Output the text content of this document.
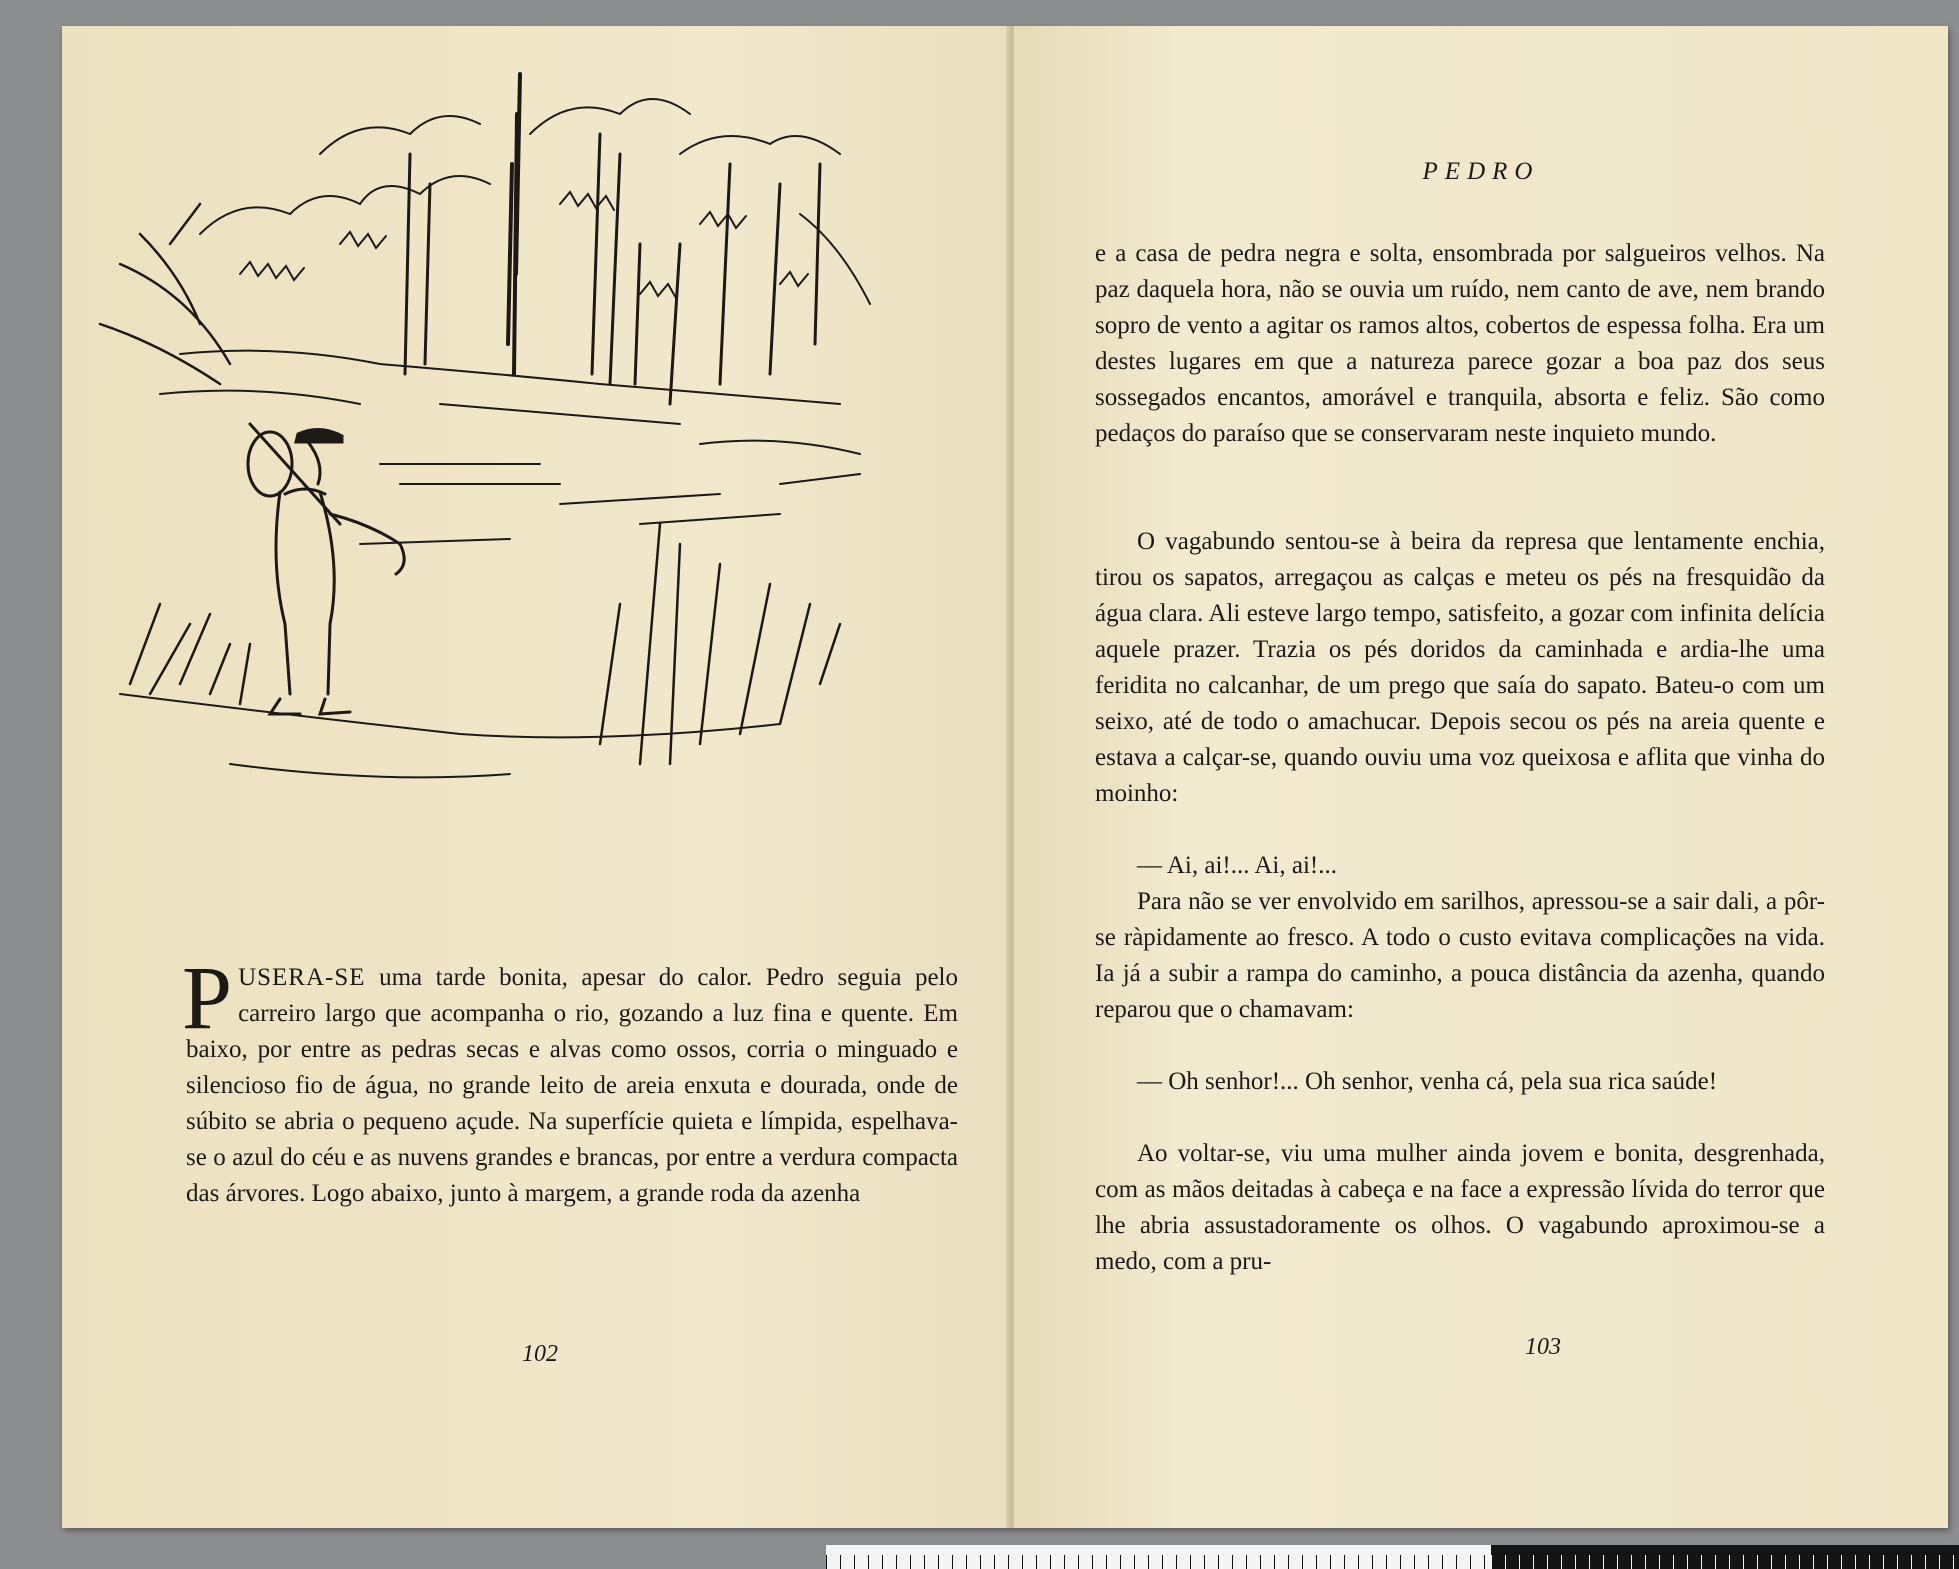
PUSERA-SE uma tarde bonita, apesar do calor. Pedro seguia pelo carreiro largo que acompanha o rio, gozando a luz fina e quente. Em baixo, por entre as pedras secas e alvas como ossos, corria o minguado e silencioso fio de água, no grande leito de areia enxuta e dourada, onde de súbito se abria o pequeno açude. Na superfície quieta e límpida, espelhava-se o azul do céu e as nuvens grandes e brancas, por entre a verdura compacta das árvores. Logo abaixo, junto à margem, a grande roda da azenha

102

PEDRO

e a casa de pedra negra e solta, ensombrada por salgueiros velhos. Na paz daquela hora, não se ouvia um ruído, nem canto de ave, nem brando sopro de vento a agitar os ramos altos, cobertos de espessa folha. Era um destes lugares em que a natureza parece gozar a boa paz dos seus sossegados encantos, amorável e tranquila, absorta e feliz. São como pedaços do paraíso que se conservaram neste inquieto mundo.

O vagabundo sentou-se à beira da represa que lentamente enchia, tirou os sapatos, arregaçou as calças e meteu os pés na fresquidão da água clara. Ali esteve largo tempo, satisfeito, a gozar com infinita delícia aquele prazer. Trazia os pés doridos da caminhada e ardia-lhe uma feridita no calcanhar, de um prego que saía do sapato. Bateu-o com um seixo, até de todo o amachucar. Depois secou os pés na areia quente e estava a calçar-se, quando ouviu uma voz queixosa e aflita que vinha do moinho:

— Ai, ai!... Ai, ai!...

Para não se ver envolvido em sarilhos, apressou-se a sair dali, a pôr-se ràpidamente ao fresco. A todo o custo evitava complicações na vida. Ia já a subir a rampa do caminho, a pouca distância da azenha, quando reparou que o chamavam:

— Oh senhor!... Oh senhor, venha cá, pela sua rica saúde!

Ao voltar-se, viu uma mulher ainda jovem e bonita, desgrenhada, com as mãos deitadas à cabeça e na face a expressão lívida do terror que lhe abria assustadoramente os olhos. O vagabundo aproximou-se a medo, com a pru-

103
